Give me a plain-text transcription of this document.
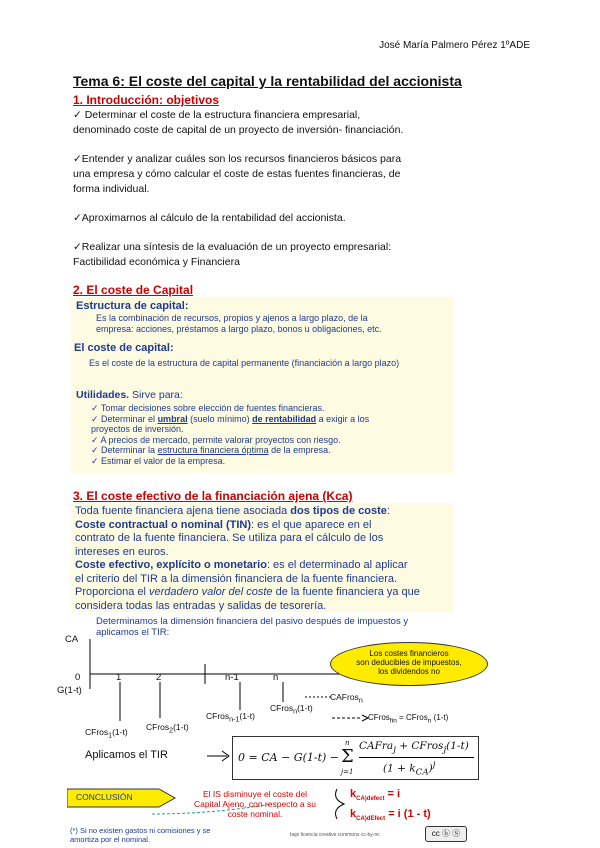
José María Palmero Pérez 1ºADE
Tema 6: El coste del capital y la rentabilidad del accionista
1. Introducción: objetivos
✓ Determinar el coste de la estructura financiera empresarial,
denominado coste de capital de un proyecto de inversión- financiación.
✓Entender y analizar cuáles son los recursos financieros básicos para
una empresa y cómo calcular el coste de estas fuentes financieras, de
forma individual.
✓Aproximarnos al cálculo de la rentabilidad del accionista.
✓Realizar una síntesis de la evaluación de un proyecto empresarial:
Factibilidad económica y Financiera
2. El coste de Capital
Estructura de capital:
Es la combinación de recursos, propios y ajenos a largo plazo, de la
empresa: acciones, préstamos a largo plazo, bonos u obligaciones, etc.
El coste de capital:
Es el coste de la estructura de capital permanente (financiación a largo plazo)
Utilidades. Sirve para:
✓ Tomar decisiones sobre elección de fuentes financieras.
✓ Determinar el umbral (suelo mínimo) de rentabilidad a exigir a los
proyectos de inversión.
✓ A precios de mercado, permite valorar proyectos con riesgo.
✓ Determinar la estructura financiera óptima de la empresa.
✓ Estimar el valor de la empresa.
3. El coste efectivo de la financiación ajena (Kca)
Toda fuente financiera ajena tiene asociada dos tipos de coste:
Coste contractual o nominal (TIN): es el que aparece en el
contrato de la fuente financiera. Se utiliza para el cálculo de los
intereses en euros.
Coste efectivo, explícito o monetario: es el determinado al aplicar
el criterio del TIR a la dimensión financiera de la fuente financiera.
Proporciona el verdadero valor del coste de la fuente financiera ya que
considera todas las entradas y salidas de tesorería.
Determinamos la dimensión financiera del pasivo después de impuestos y
aplicamos el TIR:
CA
G(1-t)
0	1	2	n-1	n
CAFros$_n$
CFros$_1$(1-t) CFros$_2$(1-t)
CFros$_{n-1}$(1-t)
CFros$_n$(1-t)
CFros$_{fin}$ = CFros$_n$ (1-t)
Los costes financieros
son deducibles de impuestos,
los dividendos no
Aplicamos el TIR	0 = CA − G(1-t) −
n
Σ
j=1
CAFra$_j$ + CFros$_j$(1-t)
$(1 + k_{CA})^j$
CONCLUSIÓN	El IS disminuye el coste del
Capital Ajeno, con respecto a su
coste nominal.
$k_{CA)defect} = i$
$k_{CA)dEfect} = i$ (1 - t)
(*) Si no existen gastos ni comisiones y se
amortiza por el nominal.	bajo licencia creative commons cc-by-nc	cc ⓑ Ⓢ
